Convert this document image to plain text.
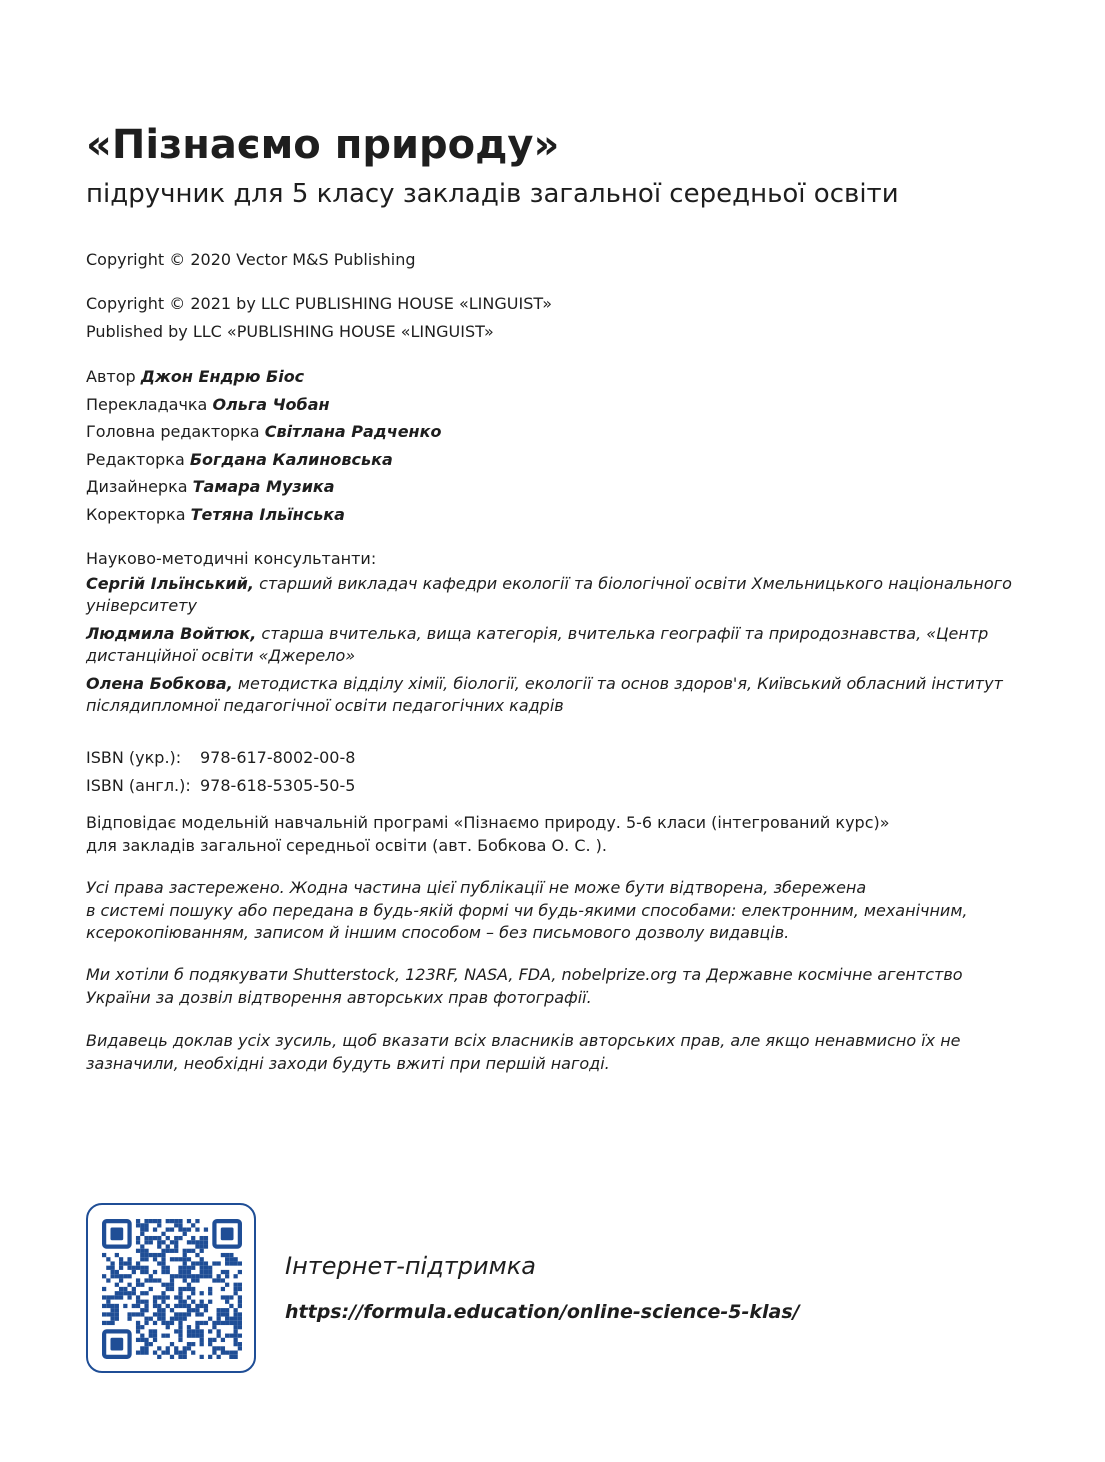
«Пізнаємо природу»
підручник для 5 класу закладів загальної середньої освіти
Copyright © 2020 Vector M&S Publishing
Copyright © 2021 by LLC PUBLISHING HOUSE «LINGUIST»
Published by LLC «PUBLISHING HOUSE «LINGUIST»
Автор Джон Ендрю Біос
Перекладачка Ольга Чобан
Головна редакторка Світлана Радченко
Редакторка Богдана Калиновська
Дизайнерка Тамара Музика
Коректорка Тетяна Ільїнська
Науково-методичні консультанти:
Сергій Ільїнський, старший викладач кафедри екології та біологічної освіти Хмельницького національного університету
Людмила Войтюк, старша вчителька, вища категорія, вчителька географії та природознавства, «Центр дистанційної освіти «Джерело»
Олена Бобкова, методистка відділу хімії, біології, екології та основ здоров'я, Київський обласний інститут післядипломної педагогічної освіти педагогічних кадрів
ISBN (укр.):	978-617-8002-00-8
ISBN (англ.): 978-618-5305-50-5
Відповідає модельній навчальній програмі «Пізнаємо природу. 5-6 класи (інтегрований курс)»
для закладів загальної середньої освіти (авт. Бобкова О. С. ).
Усі права застережено. Жодна частина цієї публікації не може бути відтворена, збережена
в системі пошуку або передана в будь-якій формі чи будь-якими способами: електронним, механічним,
ксерокопіюванням, записом й іншим способом – без письмового дозволу видавців.
Ми хотіли б подякувати Shutterstock, 123RF, NASA, FDA, nobelprize.org та Державне космічне агентство
України за дозвіл відтворення авторських прав фотографії.
Видавець доклав усіх зусиль, щоб вказати всіх власників авторських прав, але якщо ненавмисно їх не
зазначили, необхідні заходи будуть вжиті при першій нагоді.
Інтернет-підтримка
https://formula.education/online-science-5-klas/
